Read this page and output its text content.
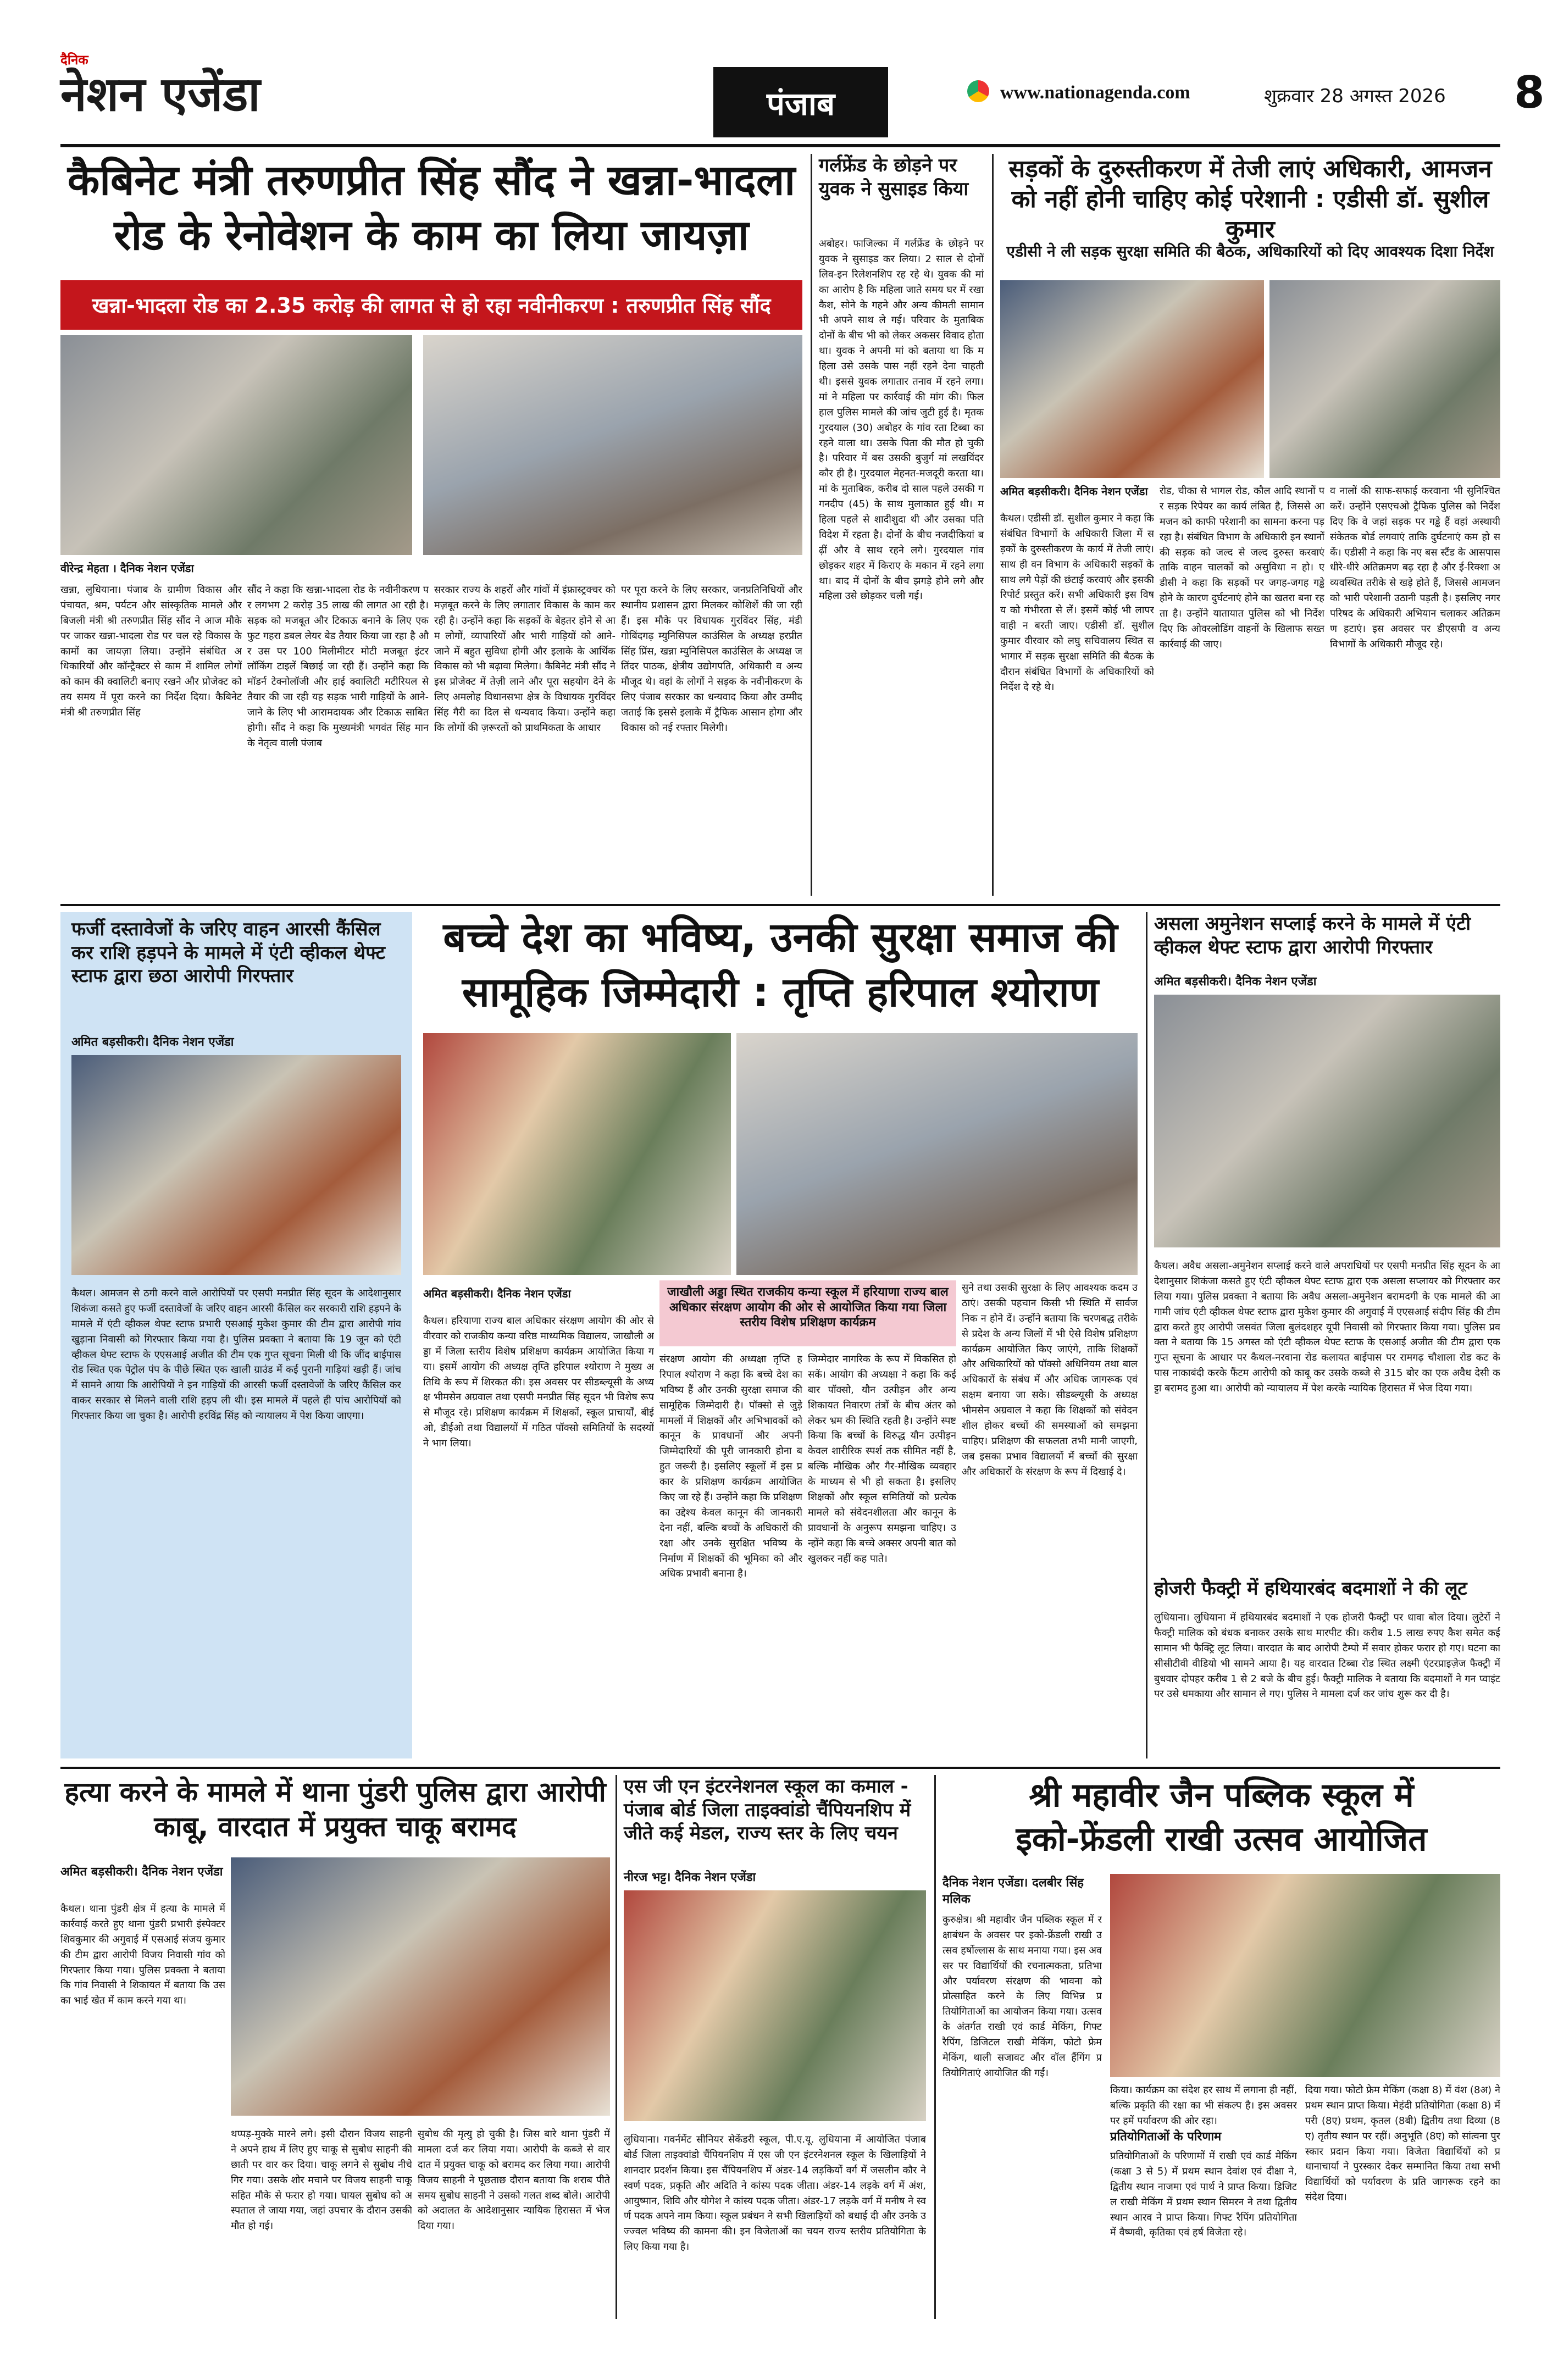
दैनिक
नेशन एजेंडा	पंजाब	www.nationagenda.com	शुक्रवार 28 अगस्त 2026 8
कैबिनेट मंत्री तरुणप्रीत सिंह सौंद ने खन्ना-भादला
रोड के रेनोवेशन के काम का लिया जायज़ा
खन्ना-भादला रोड का 2.35 करोड़ की लागत से हो रहा नवीनीकरण : तरुणप्रीत सिंह सौंद
वीरेन्द्र मेहता । दैनिक नेशन एजेंडा
खन्ना, लुधियाना। पंजाब के ग्रामीण विकास और पंचायत, श्रम, पर्यटन और सांस्कृतिक मामले और बिजली मंत्री श्री तरुणप्रीत सिंह सौंद ने आज मौके पर जाकर खन्ना-भादला रोड पर चल रहे विकास के कामों का जायज़ा लिया। उन्होंने संबंधित अधिकारियों और कॉन्ट्रैक्टर से काम में शामिल लोगों को काम की क्वालिटी बनाए रखने और प्रोजेक्ट को तय समय में पूरा करने का निर्देश दिया। कैबिनेट मंत्री श्री तरुणप्रीत सिंह
सौंद ने कहा कि खन्ना-भादला रोड के नवीनीकरण पर लगभग 2 करोड़ 35 लाख की लागत आ रही है। सड़क को मजबूत और टिकाऊ बनाने के लिए एक फुट गहरा डबल लेयर बेड तैयार किया जा रहा है और उस पर 100 मिलीमीटर मोटी मजबूत इंटरलॉकिंग टाइलें बिछाई जा रही हैं। उन्होंने कहा कि मॉडर्न टेक्नोलॉजी और हाई क्वालिटी मटीरियल से तैयार की जा रही यह सड़क भारी गाड़ियों के आने-जाने के लिए भी आरामदायक और टिकाऊ साबित होगी। सौंद ने कहा कि मुख्यमंत्री भगवंत सिंह मान के नेतृत्व वाली पंजाब
सरकार राज्य के शहरों और गांवों में इंफ्रास्ट्रक्चर को मज़बूत करने के लिए लगातार विकास के काम कर रही है। उन्होंने कहा कि सड़कों के बेहतर होने से आम लोगों, व्यापारियों और भारी गाड़ियों को आने-जाने में बहुत सुविधा होगी और इलाके के आर्थिक विकास को भी बढ़ावा मिलेगा। कैबिनेट मंत्री सौंद ने इस प्रोजेक्ट में तेज़ी लाने और पूरा सहयोग देने के लिए अमलोह विधानसभा क्षेत्र के विधायक गुरविंदर सिंह गैरी का दिल से धन्यवाद किया। उन्होंने कहा कि लोगों की ज़रूरतों को प्राथमिकता के आधार
पर पूरा करने के लिए सरकार, जनप्रतिनिधियों और स्थानीय प्रशासन द्वारा मिलकर कोशिशें की जा रही हैं। इस मौके पर विधायक गुरविंदर सिंह, मंडी गोबिंदगढ़ म्युनिसिपल काउंसिल के अध्यक्ष हरप्रीत सिंह प्रिंस, खन्ना म्युनिसिपल काउंसिल के अध्यक्ष जतिंदर पाठक, क्षेत्रीय उद्योगपति, अधिकारी व अन्य मौजूद थे। वहां के लोगों ने सड़क के नवीनीकरण के लिए पंजाब सरकार का धन्यवाद किया और उम्मीद जताई कि इससे इलाके में ट्रैफिक आसान होगा और विकास को नई रफ्तार मिलेगी।
गर्लफ्रेंड के छोड़ने पर युवक ने सुसाइड किया
अबोहर। फाजिल्का में गर्लफ्रेंड के छोड़ने पर युवक ने सुसाइड कर लिया। 2 साल से दोनों लिव-इन रिलेशनशिप रह रहे थे। युवक की मां का आरोप है कि महिला जाते समय घर में रखा कैश, सोने के गहने और अन्य कीमती सामान भी अपने साथ ले गई। परिवार के मुताबिक दोनों के बीच भी को लेकर अकसर विवाद होता था। युवक ने अपनी मां को बताया था कि महिला उसे उसके पास नहीं रहने देना चाहती थी। इससे युवक लगातार तनाव में रहने लगा। मां ने महिला पर कार्रवाई की मांग की। फिलहाल पुलिस मामले की जांच जुटी हुई है। मृतक गुरदयाल (30) अबोहर के गांव रता टिब्बा का रहने वाला था। उसके पिता की मौत हो चुकी है। परिवार में बस उसकी बुजुर्ग मां लखविंदर कौर ही है। गुरदयाल मेहनत-मजदूरी करता था। मां के मुताबिक, करीब दो साल पहले उसकी गगनदीप (45) के साथ मुलाकात हुई थी। महिला पहले से शादीशुदा थी और उसका पति विदेश में रहता है। दोनों के बीच नजदीकियां बढ़ीं और वे साथ रहने लगे। गुरदयाल गांव छोड़कर शहर में किराए के मकान में रहने लगा था। बाद में दोनों के बीच झगड़े होने लगे और महिला उसे छोड़कर चली गई।
सड़कों के दुरुस्तीकरण में तेजी लाएं अधिकारी, आमजन को नहीं होनी चाहिए कोई परेशानी : एडीसी डॉ. सुशील कुमार
एडीसी ने ली सड़क सुरक्षा समिति की बैठक, अधिकारियों को दिए आवश्यक दिशा निर्देश
अमित बड़सीकरी। दैनिक नेशन एजेंडा
कैथल। एडीसी डॉ. सुशील कुमार ने कहा कि संबंधित विभागों के अधिकारी जिला में सड़कों के दुरुस्तीकरण के कार्य में तेजी लाएं। साथ ही वन विभाग के अधिकारी सड़कों के साथ लगे पेड़ों की छंटाई करवाएं और इसकी रिपोर्ट प्रस्तुत करें। सभी अधिकारी इस विषय को गंभीरता से लें। इसमें कोई भी लापरवाही न बरती जाए। एडीसी डॉ. सुशील कुमार वीरवार को लघु सचिवालय स्थित सभागार में सड़क सुरक्षा समिति की बैठक के दौरान संबंधित विभागों के अधिकारियों को निर्देश दे रहे थे।
रोड, चीका से भागल रोड, कौल आदि स्थानों पर सड़क रिपेयर का कार्य लंबित है, जिससे आमजन को काफी परेशानी का सामना करना पड़ रहा है। संबंधित विभाग के अधिकारी इन स्थानों की सड़क को जल्द से जल्द दुरुस्त करवाएं ताकि वाहन चालकों को असुविधा न हो। एडीसी ने कहा कि सड़कों पर जगह-जगह गड्ढे होने के कारण दुर्घटनाएं होने का खतरा बना रहता है। उन्होंने यातायात पुलिस को भी निर्देश दिए कि ओवरलोडिंग वाहनों के खिलाफ सख्त कार्रवाई की जाए।
व नालों की साफ-सफाई करवाना भी सुनिश्चित करें। उन्होंने एसएचओ ट्रैफिक पुलिस को निर्देश दिए कि वे जहां सड़क पर गड्ढे हैं वहां अस्थायी संकेतक बोर्ड लगवाएं ताकि दुर्घटनाएं कम हो सकें। एडीसी ने कहा कि नए बस स्टैंड के आसपास धीरे-धीरे अतिक्रमण बढ़ रहा है और ई-रिक्शा अव्यवस्थित तरीके से खड़े होते हैं, जिससे आमजन को भारी परेशानी उठानी पड़ती है। इसलिए नगर परिषद के अधिकारी अभियान चलाकर अतिक्रमण हटाएं। इस अवसर पर डीएसपी व अन्य विभागों के अधिकारी मौजूद रहे।
फर्जी दस्तावेजों के जरिए वाहन आरसी कैंसिल कर राशि हड़पने के मामले में एंटी व्हीकल थेफ्ट स्टाफ द्वारा छठा आरोपी गिरफ्तार
अमित बड़सीकरी। दैनिक नेशन एजेंडा
कैथल। आमजन से ठगी करने वाले आरोपियों पर एसपी मनप्रीत सिंह सूदन के आदेशानुसार शिकंजा कसते हुए फर्जी दस्तावेजों के जरिए वाहन आरसी कैंसिल कर सरकारी राशि हड़पने के मामले में एंटी व्हीकल थेफ्ट स्टाफ प्रभारी एसआई मुकेश कुमार की टीम द्वारा आरोपी गांव खुड़ाना निवासी को गिरफ्तार किया गया है। पुलिस प्रवक्ता ने बताया कि 19 जून को एंटी व्हीकल थेफ्ट स्टाफ के एएसआई अजीत की टीम एक गुप्त सूचना मिली थी कि जींद बाईपास रोड स्थित एक पेट्रोल पंप के पीछे स्थित एक खाली ग्राउंड में कई पुरानी गाड़ियां खड़ी हैं। जांच में सामने आया कि आरोपियों ने इन गाड़ियों की आरसी फर्जी दस्तावेजों के जरिए कैंसिल करवाकर सरकार से मिलने वाली राशि हड़प ली थी। इस मामले में पहले ही पांच आरोपियों को गिरफ्तार किया जा चुका है। आरोपी हरविंद्र सिंह को न्यायालय में पेश किया जाएगा।
बच्चे देश का भविष्य, उनकी सुरक्षा समाज की
सामूहिक जिम्मेदारी : तृप्ति हरिपाल श्योराण
अमित बड़सीकरी। दैनिक नेशन एजेंडा	जाखौली अड्डा स्थित राजकीय कन्या स्कूल में हरियाणा राज्य बाल अधिकार संरक्षण आयोग की ओर से आयोजित किया गया जिला स्तरीय विशेष प्रशिक्षण कार्यक्रम
कैथल। हरियाणा राज्य बाल अधिकार संरक्षण आयोग की ओर से वीरवार को राजकीय कन्या वरिष्ठ माध्यमिक विद्यालय, जाखौली अड्डा में जिला स्तरीय विशेष प्रशिक्षण कार्यक्रम आयोजित किया गया। इसमें आयोग की अध्यक्ष तृप्ति हरिपाल श्योराण ने मुख्य अतिथि के रूप में शिरकत की। इस अवसर पर सीडब्ल्यूसी के अध्यक्ष भीमसेन अग्रवाल तथा एसपी मनप्रीत सिंह सूदन भी विशेष रूप से मौजूद रहे। प्रशिक्षण कार्यक्रम में शिक्षकों, स्कूल प्राचार्यों, बीईओ, डीईओ तथा विद्यालयों में गठित पॉक्सो समितियों के सदस्यों ने भाग लिया।
संरक्षण आयोग की अध्यक्षा तृप्ति हरिपाल श्योराण ने कहा कि बच्चे देश का भविष्य हैं और उनकी सुरक्षा समाज की सामूहिक जिम्मेदारी है। पॉक्सो से जुड़े मामलों में शिक्षकों और अभिभावकों को कानून के प्रावधानों और अपनी जिम्मेदारियों की पूरी जानकारी होना बहुत जरूरी है। इसलिए स्कूलों में इस प्रकार के प्रशिक्षण कार्यक्रम आयोजित किए जा रहे हैं। उन्होंने कहा कि प्रशिक्षण का उद्देश्य केवल कानून की जानकारी देना नहीं, बल्कि बच्चों के अधिकारों की रक्षा और उनके सुरक्षित भविष्य के निर्माण में शिक्षकों की भूमिका को और अधिक प्रभावी बनाना है।
जिम्मेदार नागरिक के रूप में विकसित हो सकें। आयोग की अध्यक्षा ने कहा कि कई बार पॉक्सो, यौन उत्पीड़न और अन्य शिकायत निवारण तंत्रों के बीच अंतर को लेकर भ्रम की स्थिति रहती है। उन्होंने स्पष्ट किया कि बच्चों के विरुद्ध यौन उत्पीड़न केवल शारीरिक स्पर्श तक सीमित नहीं है, बल्कि मौखिक और गैर-मौखिक व्यवहार के माध्यम से भी हो सकता है। इसलिए शिक्षकों और स्कूल समितियों को प्रत्येक मामले को संवेदनशीलता और कानून के प्रावधानों के अनुरूप समझना चाहिए। उन्होंने कहा कि बच्चे अक्सर अपनी बात को खुलकर नहीं कह पाते।
सुने तथा उसकी सुरक्षा के लिए आवश्यक कदम उठाएं। उसकी पहचान किसी भी स्थिति में सार्वजनिक न होने दें। उन्होंने बताया कि चरणबद्ध तरीके से प्रदेश के अन्य जिलों में भी ऐसे विशेष प्रशिक्षण कार्यक्रम आयोजित किए जाएंगे, ताकि शिक्षकों और अधिकारियों को पॉक्सो अधिनियम तथा बाल अधिकारों के संबंध में और अधिक जागरूक एवं सक्षम बनाया जा सके। सीडब्ल्यूसी के अध्यक्ष भीमसेन अग्रवाल ने कहा कि शिक्षकों को संवेदनशील होकर बच्चों की समस्याओं को समझना चाहिए। प्रशिक्षण की सफलता तभी मानी जाएगी, जब इसका प्रभाव विद्यालयों में बच्चों की सुरक्षा और अधिकारों के संरक्षण के रूप में दिखाई दे।
असला अमुनेशन सप्लाई करने के मामले में एंटी व्हीकल थेफ्ट स्टाफ द्वारा आरोपी गिरफ्तार
अमित बड़सीकरी। दैनिक नेशन एजेंडा
कैथल। अवैध असला-अमुनेशन सप्लाई करने वाले अपराधियों पर एसपी मनप्रीत सिंह सूदन के आदेशानुसार शिकंजा कसते हुए एंटी व्हीकल थेफ्ट स्टाफ द्वारा एक असला सप्लायर को गिरफ्तार कर लिया गया। पुलिस प्रवक्ता ने बताया कि अवैध असला-अमुनेशन बरामदगी के एक मामले की आगामी जांच एंटी व्हीकल थेफ्ट स्टाफ द्वारा मुकेश कुमार की अगुवाई में एएसआई संदीप सिंह की टीम द्वारा करते हुए आरोपी जसवंत जिला बुलंदशहर यूपी निवासी को गिरफ्तार किया गया। पुलिस प्रवक्ता ने बताया कि 15 अगस्त को एंटी व्हीकल थेफ्ट स्टाफ के एसआई अजीत की टीम द्वारा एक गुप्त सूचना के आधार पर कैथल-नरवाना रोड कलायत बाईपास पर रामगढ़ चौशाला रोड कट के पास नाकाबंदी करके फैंटम आरोपी को काबू कर उसके कब्जे से 315 बोर का एक अवैध देसी कट्टा बरामद हुआ था। आरोपी को न्यायालय में पेश करके न्यायिक हिरासत में भेज दिया गया।
होजरी फैक्ट्री में हथियारबंद बदमाशों ने की लूट
लुधियाना। लुधियाना में हथियारबंद बदमाशों ने एक होजरी फैक्ट्री पर धावा बोल दिया। लुटेरों ने फैक्ट्री मालिक को बंधक बनाकर उसके साथ मारपीट की। करीब 1.5 लाख रुपए कैश समेत कई सामान भी फैक्ट्रि लूट लिया। वारदात के बाद आरोपी टैम्पो में सवार होकर फरार हो गए। घटना का सीसीटीवी वीडियो भी सामने आया है। यह वारदात टिब्बा रोड स्थित लक्ष्मी एंटरप्राइज़ेज फैक्ट्री में बुधवार दोपहर करीब 1 से 2 बजे के बीच हुई। फैक्ट्री मालिक ने बताया कि बदमाशों ने गन प्वाइंट पर उसे धमकाया और सामान ले गए। पुलिस ने मामला दर्ज कर जांच शुरू कर दी है।
हत्या करने के मामले में थाना पुंडरी पुलिस द्वारा आरोपी काबू, वारदात में प्रयुक्त चाकू बरामद
अमित बड़सीकरी। दैनिक नेशन एजेंडा
कैथल। थाना पुंडरी क्षेत्र में हत्या के मामले में कार्रवाई करते हुए थाना पुंडरी प्रभारी इंस्पेक्टर शिवकुमार की अगुवाई में एसआई संजय कुमार की टीम द्वारा आरोपी विजय निवासी गांव को गिरफ्तार किया गया। पुलिस प्रवक्ता ने बताया कि गांव निवासी ने शिकायत में बताया कि उसका भाई खेत में काम करने गया था।
थप्पड़-मुक्के मारने लगे। इसी दौरान विजय साहनी ने अपने हाथ में लिए हुए चाकू से सुबोध साहनी की छाती पर वार कर दिया। चाकू लगने से सुबोध नीचे गिर गया। उसके शोर मचाने पर विजय साहनी चाकू सहित मौके से फरार हो गया। घायल सुबोध को अस्पताल ले जाया गया, जहां उपचार के दौरान उसकी मौत हो गई।
सुबोध की मृत्यु हो चुकी है। जिस बारे थाना पुंडरी में मामला दर्ज कर लिया गया। आरोपी के कब्जे से वारदात में प्रयुक्त चाकू को बरामद कर लिया गया। आरोपी विजय साहनी ने पूछताछ दौरान बताया कि शराब पीते समय सुबोध साहनी ने उसको गलत शब्द बोले। आरोपी को अदालत के आदेशानुसार न्यायिक हिरासत में भेज दिया गया।
एस जी एन इंटरनेशनल स्कूल का कमाल - पंजाब बोर्ड जिला ताइक्वांडो चैंपियनशिप में जीते कई मेडल, राज्य स्तर के लिए चयन
नीरज भट्ट। दैनिक नेशन एजेंडा
लुधियाना। गवर्नमेंट सीनियर सेकेंडरी स्कूल, पी.ए.यू. लुधियाना में आयोजित पंजाब बोर्ड जिला ताइक्वांडो चैंपियनशिप में एस जी एन इंटरनेशनल स्कूल के खिलाड़ियों ने शानदार प्रदर्शन किया। इस चैंपियनशिप में अंडर-14 लड़कियों वर्ग में जसलीन कौर ने स्वर्ण पदक, प्रकृति और अदिति ने कांस्य पदक जीता। अंडर-14 लड़के वर्ग में अंश, आयुष्मान, शिवि और योगेश ने कांस्य पदक जीता। अंडर-17 लड़के वर्ग में मनीष ने स्वर्ण पदक अपने नाम किया। स्कूल प्रबंधन ने सभी खिलाड़ियों को बधाई दी और उनके उज्ज्वल भविष्य की कामना की। इन विजेताओं का चयन राज्य स्तरीय प्रतियोगिता के लिए किया गया है।
श्री महावीर जैन पब्लिक स्कूल में
इको-फ्रेंडली राखी उत्सव आयोजित
दैनिक नेशन एजेंडा। दलबीर सिंह मलिक
कुरुक्षेत्र। श्री महावीर जैन पब्लिक स्कूल में रक्षाबंधन के अवसर पर इको-फ्रेंडली राखी उत्सव हर्षोल्लास के साथ मनाया गया। इस अवसर पर विद्यार्थियों की रचनात्मकता, प्रतिभा और पर्यावरण संरक्षण की भावना को प्रोत्साहित करने के लिए विभिन्न प्रतियोगिताओं का आयोजन किया गया। उत्सव के अंतर्गत राखी एवं कार्ड मेकिंग, गिफ्ट रैपिंग, डिजिटल राखी मेकिंग, फोटो फ्रेम मेकिंग, थाली सजावट और वॉल हैंगिंग प्रतियोगिताएं आयोजित की गईं।
किया। कार्यक्रम का संदेश हर साथ में लगाना ही नहीं, बल्कि प्रकृति की रक्षा का भी संकल्प है। इस अवसर पर हमें पर्यावरण की ओर रहा।
प्रतियोगिताओं के परिणाम
प्रतियोगिताओं के परिणामों में राखी एवं कार्ड मेकिंग (कक्षा 3 से 5) में प्रथम स्थान देवांश एवं दीक्षा ने, द्वितीय स्थान नाजमा एवं पार्थ ने प्राप्त किया। डिजिटल राखी मेकिंग में प्रथम स्थान सिमरन ने तथा द्वितीय स्थान आरव ने प्राप्त किया। गिफ्ट रैपिंग प्रतियोगिता में वैष्णवी, कृतिका एवं हर्ष विजेता रहे।
दिया गया। फोटो फ्रेम मेकिंग (कक्षा 8) में वंश (8अ) ने प्रथम स्थान प्राप्त किया। मेहंदी प्रतियोगिता (कक्षा 8) में परी (8ए) प्रथम, कृतल (8बी) द्वितीय तथा दिव्या (8ए) तृतीय स्थान पर रहीं। अनुभूति (8ए) को सांत्वना पुरस्कार प्रदान किया गया। विजेता विद्यार्थियों को प्रधानाचार्या ने पुरस्कार देकर सम्मानित किया तथा सभी विद्यार्थियों को पर्यावरण के प्रति जागरूक रहने का संदेश दिया।
